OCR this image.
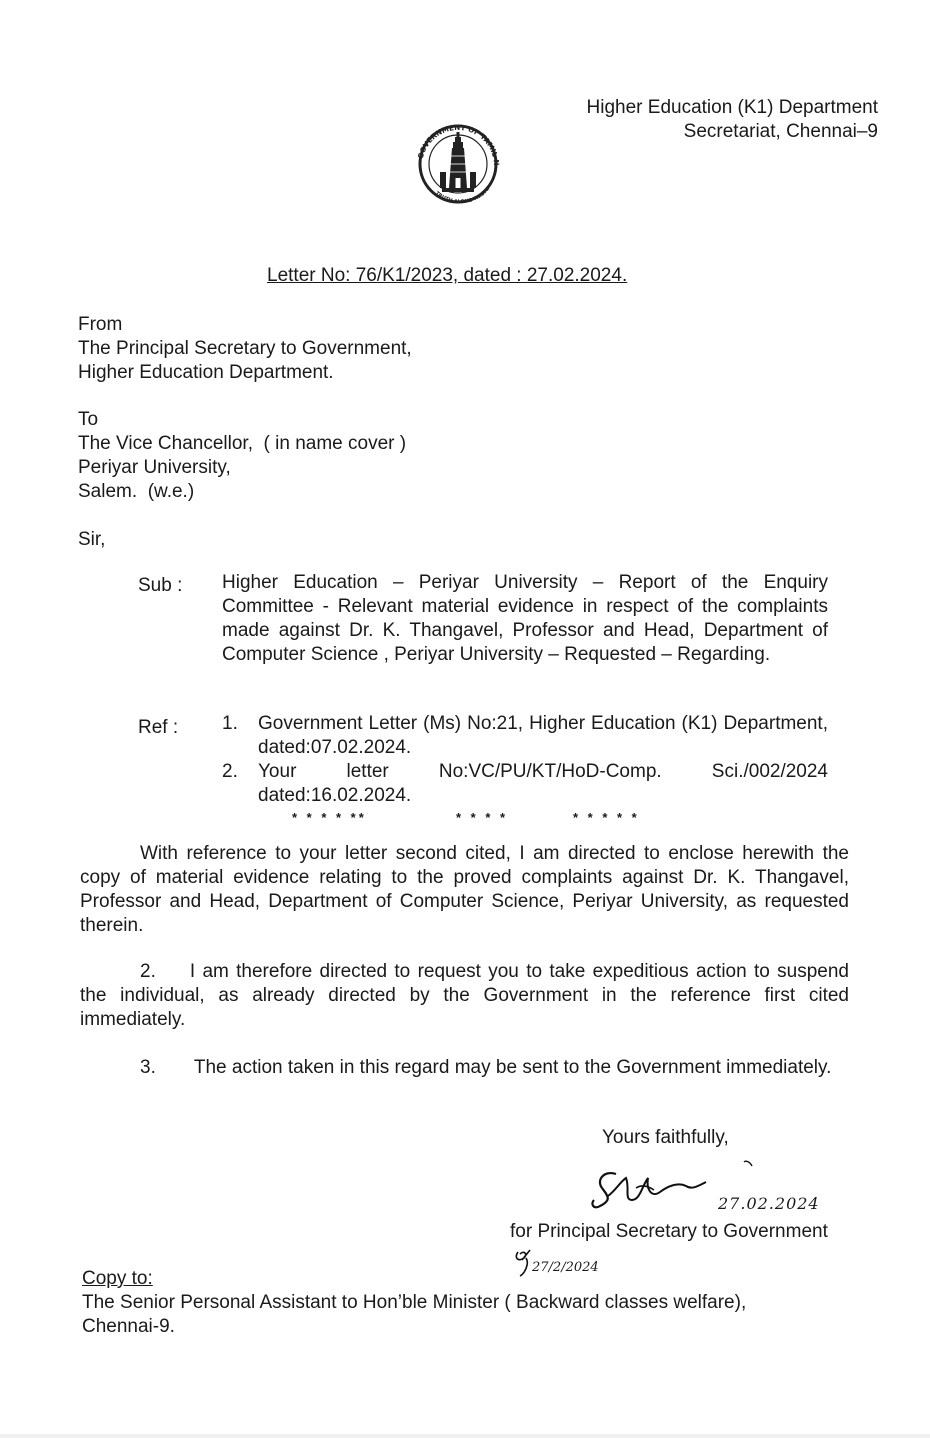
Higher Education (K1) Department
Secretariat, Chennai–9
GOVERNMENT OF TAMIL N
TRUTH ALONE TRIUMP
Letter No: 76/K1/2023, dated : 27.02.2024.
From
The Principal Secretary to Government,
Higher Education Department.
To
The Vice Chancellor,  ( in name cover )
Periyar University,
Salem.  (w.e.)
Sir,
Sub : Higher Education – Periyar University – Report of the Enquiry Committee - Relevant material evidence in respect of the complaints made against Dr. K. Thangavel, Professor and Head, Department of Computer Science , Periyar University – Requested – Regarding.
Ref : 1. Government Letter (Ms) No:21, Higher Education (K1) Department, dated:07.02.2024.
2. Your	letter	No:VC/PU/KT/HoD-Comp.	Sci./002/2024
dated:16.02.2024.
* * * * **	* * * *	* * * * *
With reference to your letter second cited, I am directed to enclose herewith the copy of material evidence relating to the proved complaints against Dr. K. Thangavel, Professor and Head, Department of Computer Science, Periyar University, as requested therein.
2. I am therefore directed to request you to take expeditious action to suspend the individual, as already directed by the Government in the reference first cited immediately.
3. The action taken in this regard may be sent to the Government immediately.
Yours faithfully,
27.02.2024
for Principal Secretary to Government
27/2/2024
Copy to:
The Senior Personal Assistant to Hon’ble Minister ( Backward classes welfare),
Chennai-9.
